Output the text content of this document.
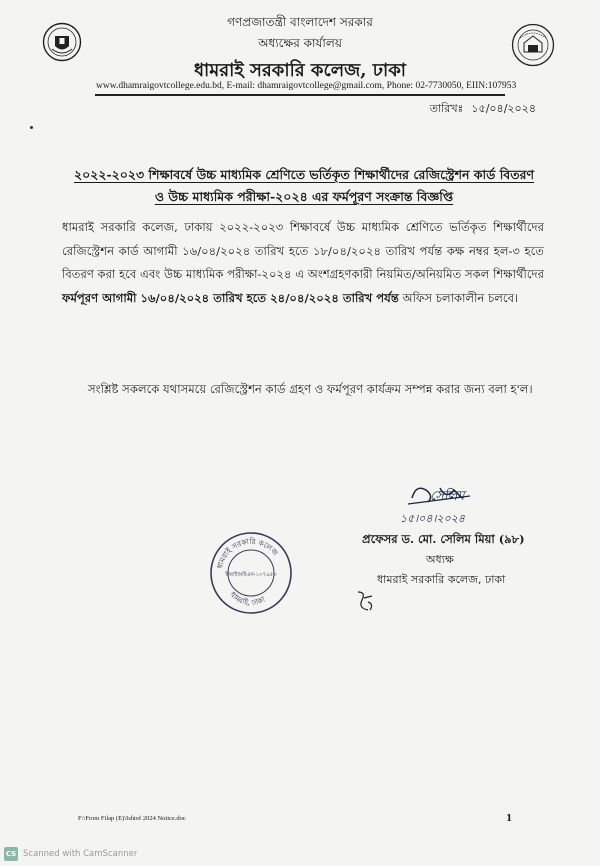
গণপ্রজাতন্ত্রী বাংলাদেশ সরকার
অধ্যক্ষের কার্যালয়
ধামরাই সরকারি কলেজ, ঢাকা
www.dhamraigovtcollege.edu.bd, E-mail: dhamraigovtcollege@gmail.com, Phone: 02-7730050, EIIN:107953
তারিখঃ ১৫/০৪/২০২৪
২০২২-২০২৩ শিক্ষাবর্ষে উচ্চ মাধ্যমিক শ্রেণিতে ভর্তিকৃত শিক্ষার্থীদের রেজিস্ট্রেশন কার্ড বিতরণ
ও উচ্চ মাধ্যমিক পরীক্ষা-২০২৪ এর ফর্মপূরণ সংক্রান্ত বিজ্ঞপ্তি
ধামরাই সরকারি কলেজ, ঢাকায় ২০২২-২০২৩ শিক্ষাবর্ষে উচ্চ মাধ্যমিক শ্রেণিতে ভর্তিকৃত শিক্ষার্থীদের রেজিস্ট্রেশন কার্ড আগামী ১৬/০৪/২০২৪ তারিখ হতে ১৮/০৪/২০২৪ তারিখ পর্যন্ত কক্ষ নম্বর হল-৩ হতে বিতরণ করা হবে এবং উচ্চ মাধ্যমিক পরীক্ষা-২০২৪ এ অংশগ্রহণকারী নিয়মিত/অনিয়মিত সকল শিক্ষার্থীদের ফর্মপূরণ আগামী ১৬/০৪/২০২৪ তারিখ হতে ২৪/০৪/২০২৪ তারিখ পর্যন্ত অফিস চলাকালীন চলবে।
সংশ্লিষ্ট সকলকে যথাসময়ে রেজিস্ট্রেশন কার্ড গ্রহণ ও ফর্মপূরণ কার্যক্রম সম্পন্ন করার জন্য বলা হ'ল।
সেলিম
১৫।০৪।২০২৪
প্রফেসর ড. মো. সেলিম মিয়া (৯৮)
অধ্যক্ষ
ধামরাই সরকারি কলেজ, ঢাকা
ধামরাই সরকারি কলেজ
ধামরাই, ঢাকা
ইআইআইএন-১০৭৯৫৩
F:\From Filap (E)\Ishtof 2024 Notice.doc	1
CS Scanned with CamScanner
